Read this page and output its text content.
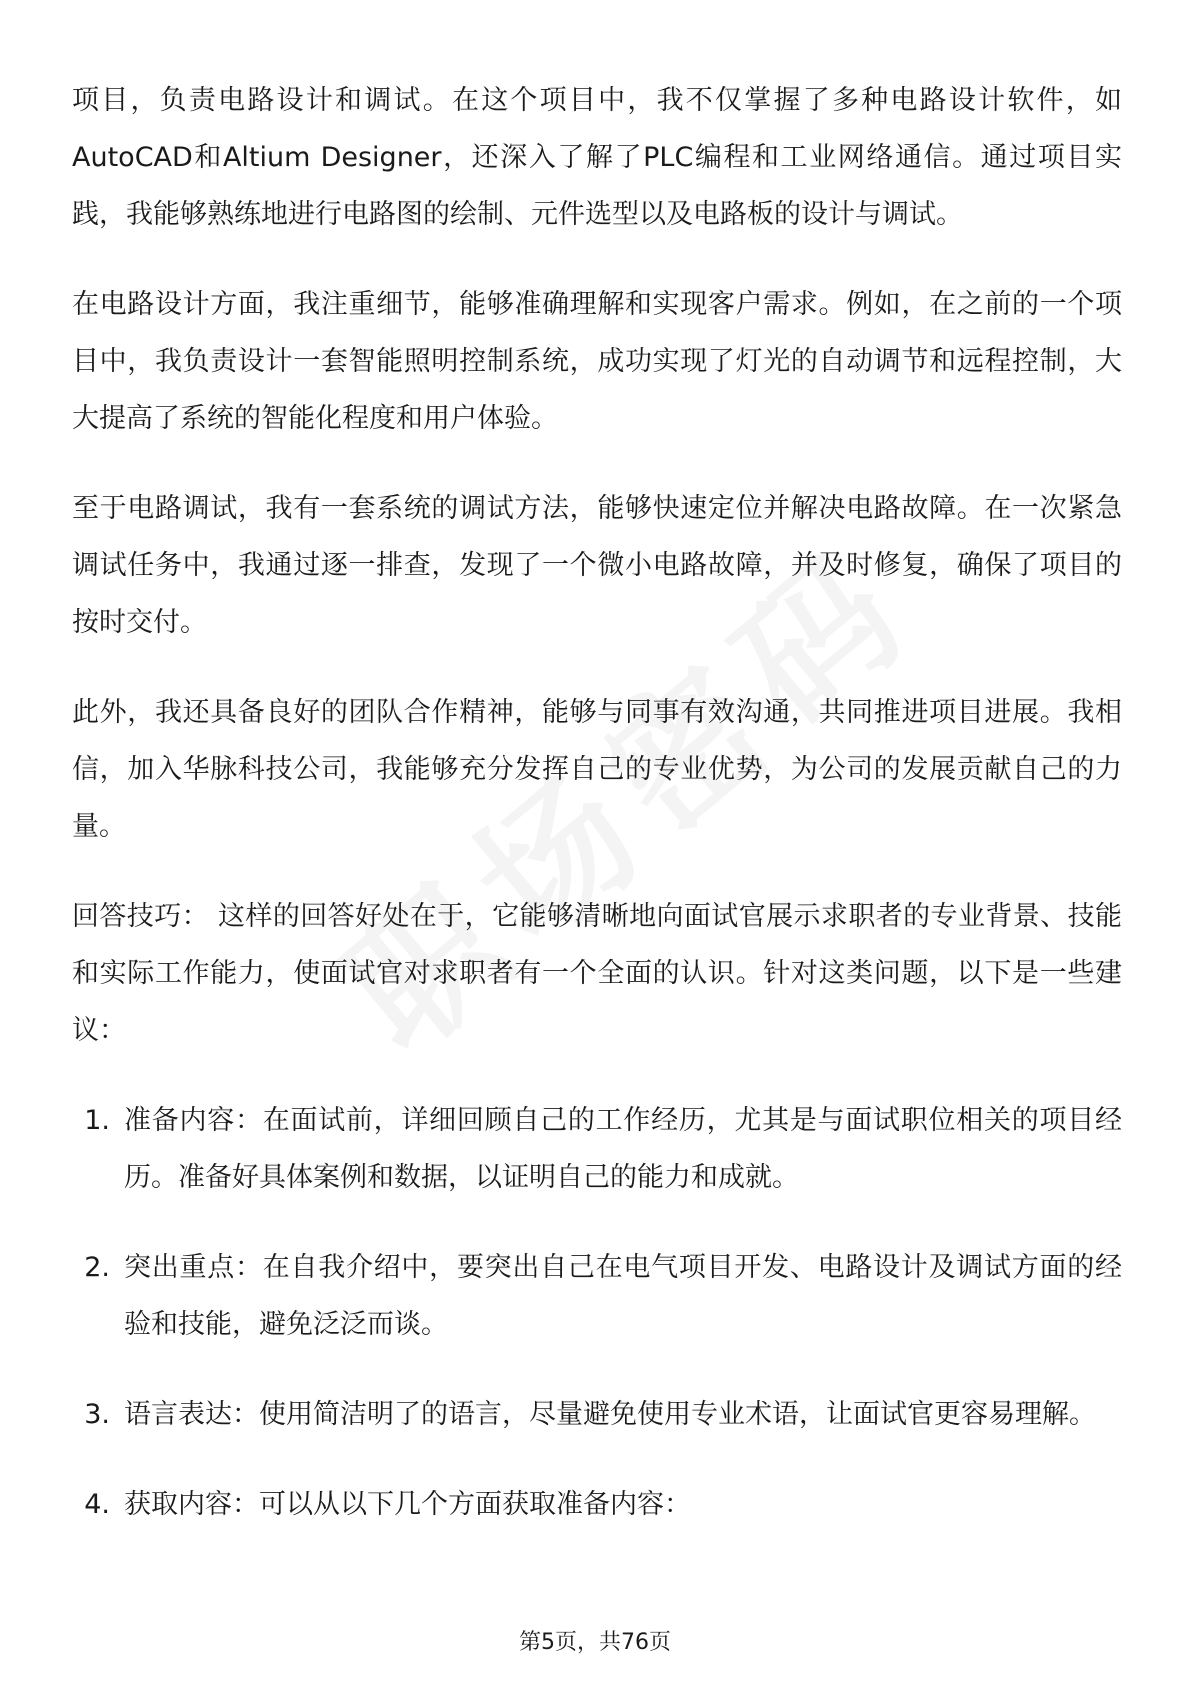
项目，负责电路设计和调试。在这个项目中，我不仅掌握了多种电路设计软件，如AutoCAD和Altium Designer，还深入了解了PLC编程和工业网络通信。通过项目实践，我能够熟练地进行电路图的绘制、元件选型以及电路板的设计与调试。

在电路设计方面，我注重细节，能够准确理解和实现客户需求。例如，在之前的一个项目中，我负责设计一套智能照明控制系统，成功实现了灯光的自动调节和远程控制，大大提高了系统的智能化程度和用户体验。

至于电路调试，我有一套系统的调试方法，能够快速定位并解决电路故障。在一次紧急调试任务中，我通过逐一排查，发现了一个微小电路故障，并及时修复，确保了项目的按时交付。

此外，我还具备良好的团队合作精神，能够与同事有效沟通，共同推进项目进展。我相信，加入华脉科技公司，我能够充分发挥自己的专业优势，为公司的发展贡献自己的力量。

回答技巧： 这样的回答好处在于，它能够清晰地向面试官展示求职者的专业背景、技能和实际工作能力，使面试官对求职者有一个全面的认识。针对这类问题，以下是一些建议：

1. 准备内容：在面试前，详细回顾自己的工作经历，尤其是与面试职位相关的项目经历。准备好具体案例和数据，以证明自己的能力和成就。
2. 突出重点：在自我介绍中，要突出自己在电气项目开发、电路设计及调试方面的经验和技能，避免泛泛而谈。
3. 语言表达：使用简洁明了的语言，尽量避免使用专业术语，让面试官更容易理解。
4. 获取内容：可以从以下几个方面获取准备内容：
第5页，共76页
